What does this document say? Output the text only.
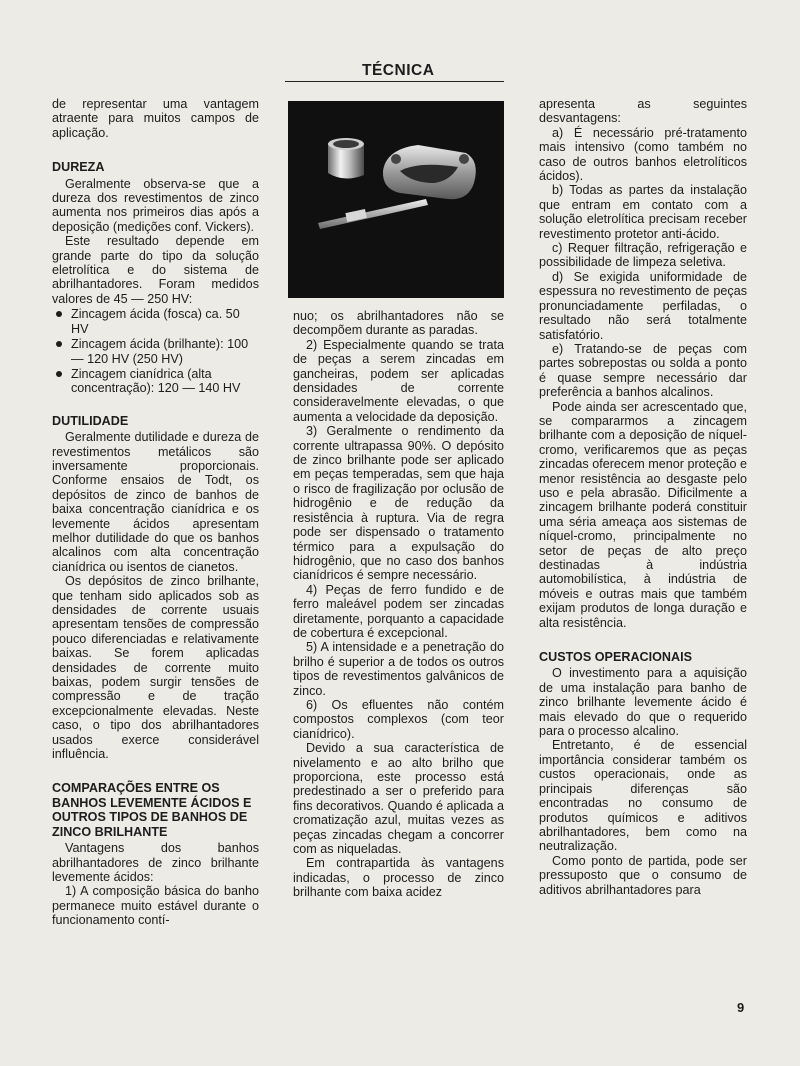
TÉCNICA

de representar uma vantagem atraente para muitos campos de aplicação.

DUREZA

Geralmente observa-se que a dureza dos revestimentos de zinco aumenta nos primeiros dias após a deposição (medições conf. Vickers).

Este resultado depende em grande parte do tipo da solução eletrolítica e do sistema de abrilhantadores. Foram medidos valores de 45 — 250 HV:

Zincagem ácida (fosca) ca. 50 HV
Zincagem ácida (brilhante): 100 — 120 HV (250 HV)
Zincagem cianídrica (alta concentração): 120 — 140 HV
DUTILIDADE

Geralmente dutilidade e dureza de revestimentos metálicos são inversamente proporcionais. Conforme ensaios de Todt, os depósitos de zinco de banhos de baixa concentração cianídrica e os levemente ácidos apresentam melhor dutilidade do que os banhos alcalinos com alta concentração cianídrica ou isentos de cianetos.

Os depósitos de zinco brilhante, que tenham sido aplicados sob as densidades de corrente usuais apresentam tensões de compressão pouco diferenciadas e relativamente baixas. Se forem aplicadas densidades de corrente muito baixas, podem surgir tensões de compressão e de tração excepcionalmente elevadas. Neste caso, o tipo dos abrilhantadores usados exerce considerável influência.

COMPARAÇÕES ENTRE OS BANHOS LEVEMENTE ÁCIDOS E OUTROS TIPOS DE BANHOS DE ZINCO BRILHANTE

Vantagens dos banhos abrilhantadores de zinco brilhante levemente ácidos:

1) A composição básica do banho permanece muito estável durante o funcionamento contí-

nuo; os abrilhantadores não se decompõem durante as paradas.

2) Especialmente quando se trata de peças a serem zincadas em gancheiras, podem ser aplicadas densidades de corrente consideravelmente elevadas, o que aumenta a velocidade da deposição.

3) Geralmente o rendimento da corrente ultrapassa 90%. O depósito de zinco brilhante pode ser aplicado em peças temperadas, sem que haja o risco de fragilização por oclusão de hidrogênio e de redução da resistência à ruptura. Via de regra pode ser dispensado o tratamento térmico para a expulsação do hidrogênio, que no caso dos banhos cianídricos é sempre necessário.

4) Peças de ferro fundido e de ferro maleável podem ser zincadas diretamente, porquanto a capacidade de cobertura é excepcional.

5) A intensidade e a penetração do brilho é superior a de todos os outros tipos de revestimentos galvânicos de zinco.

6) Os efluentes não contém compostos complexos (com teor cianídrico).

Devido a sua característica de nivelamento e ao alto brilho que proporciona, este processo está predestinado a ser o preferido para fins decorativos. Quando é aplicada a cromatização azul, muitas vezes as peças zincadas chegam a concorrer com as niqueladas.

Em contrapartida às vantagens indicadas, o processo de zinco brilhante com baixa acidez

apresenta as seguintes desvantagens:

a) É necessário pré-tratamento mais intensivo (como também no caso de outros banhos eletrolíticos ácidos).

b) Todas as partes da instalação que entram em contato com a solução eletrolítica precisam receber revestimento protetor anti-ácido.

c) Requer filtração, refrigeração e possibilidade de limpeza seletiva.

d) Se exigida uniformidade de espessura no revestimento de peças pronunciadamente perfiladas, o resultado não será totalmente satisfatório.

e) Tratando-se de peças com partes sobrepostas ou solda a ponto é quase sempre necessário dar preferência a banhos alcalinos.

Pode ainda ser acrescentado que, se compararmos a zincagem brilhante com a deposição de níquel-cromo, verificaremos que as peças zincadas oferecem menor proteção e menor resistência ao desgaste pelo uso e pela abrasão. Dificilmente a zincagem brilhante poderá constituir uma séria ameaça aos sistemas de níquel-cromo, principalmente no setor de peças de alto preço destinadas à indústria automobilística, à indústria de móveis e outras mais que também exijam produtos de longa duração e alta resistência.

CUSTOS OPERACIONAIS

O investimento para a aquisição de uma instalação para banho de zinco brilhante levemente ácido é mais elevado do que o requerido para o processo alcalino.

Entretanto, é de essencial importância considerar também os custos operacionais, onde as principais diferenças são encontradas no consumo de produtos químicos e aditivos abrilhantadores, bem como na neutralização.

Como ponto de partida, pode ser pressuposto que o consumo de aditivos abrilhantadores para

9
